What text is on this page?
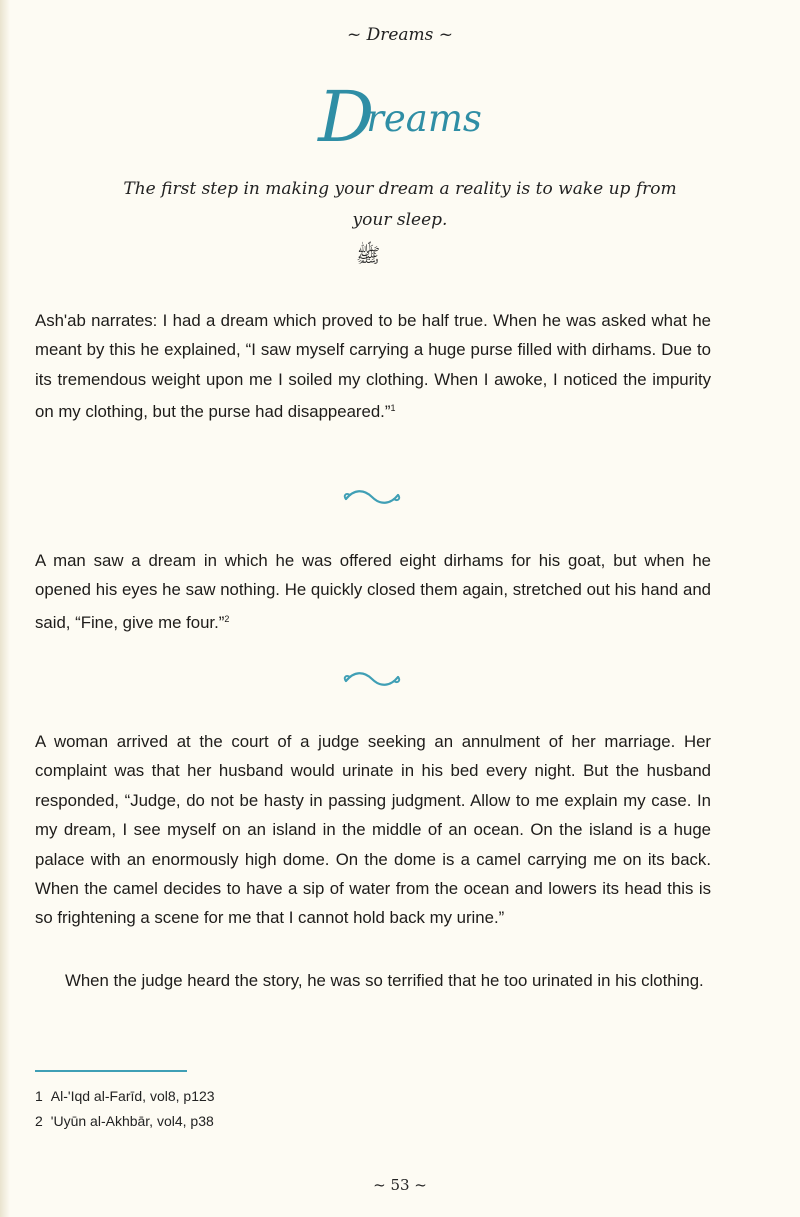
~ Dreams ~
Dreams
The first step in making your dream a reality is to wake up from
your sleep.
ﷺ

Ash'ab narrates: I had a dream which proved to be half true. When he was asked what he meant by this he explained, “I saw myself carrying a huge purse filled with dirhams. Due to its tremendous weight upon me I soiled my clothing. When I awoke, I noticed the impurity on my clothing, but the purse had disappeared.”$^1$

A man saw a dream in which he was offered eight dirhams for his goat, but when he opened his eyes he saw nothing. He quickly closed them again, stretched out his hand and said, “Fine, give me four.”$^2$

A woman arrived at the court of a judge seeking an annulment of her marriage. Her complaint was that her husband would urinate in his bed every night. But the husband responded, “Judge, do not be hasty in passing judgment. Allow to me explain my case. In my dream, I see myself on an island in the middle of an ocean. On the island is a huge palace with an enormously high dome. On the dome is a camel carrying me on its back. When the camel decides to have a sip of water from the ocean and lowers its head this is so frightening a scene for me that I cannot hold back my urine.”

When the judge heard the story, he was so terrified that he too urinated in his clothing.

1 Al-'Iqd al-Farīd, vol8, p123
2 'Uyūn al-Akhbār, vol4, p38
~ 53 ~
